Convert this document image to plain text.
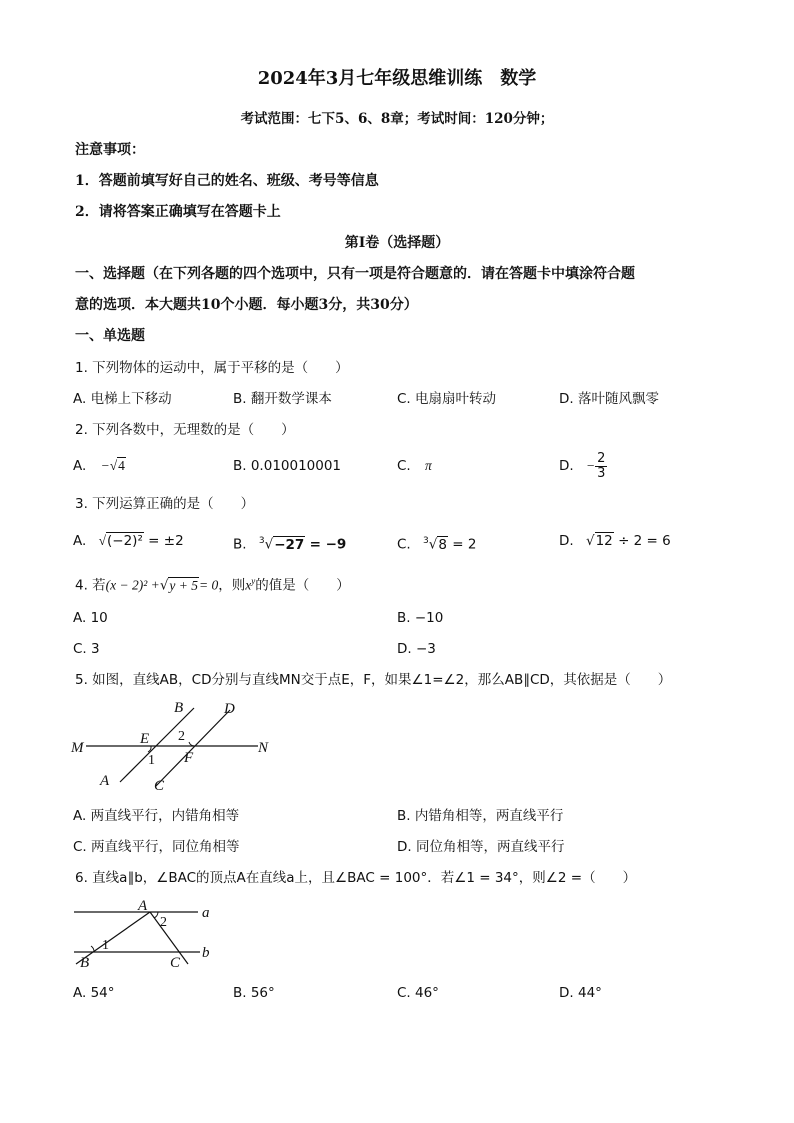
2024年3月七年级思维训练　数学
考试范围：七下5、6、8章；考试时间：120分钟；
注意事项：
1．答题前填写好自己的姓名、班级、考号等信息
2．请将答案正确填写在答题卡上
第Ⅰ卷（选择题）
一、选择题（在下列各题的四个选项中，只有一项是符合题意的．请在答题卡中填涂符合题
意的选项．本大题共10个小题．每小题3分，共30分）
一、单选题
1. 下列物体的运动中，属于平移的是（　　）
A. 电梯上下移动	B. 翻开数学课本	C. 电扇扇叶转动	D. 落叶随风飘零
2. 下列各数中，无理数的是（　　）
A. −√4	B. 0.010010001	C. π	D. − $\frac{2}{3}$
3. 下列运算正确的是（　　）
A. √(−2)² = ±2	B. $^3$√−27 = −9	C. $^3$√8 = 2	D. √12 ÷ 2 = 6
4. 若(x − 2)² +√y + 5= 0，则$x^y$的值是（　　）
A. 10	B. −10
C. 3	D. −3
5. 如图，直线AB，CD分别与直线MN交于点E，F，如果∠1=∠2，那么AB∥CD，其依据是（　　）
B	D
M
E 2
N
1 F
A	C
A. 两直线平行，内错角相等	B. 内错角相等，两直线平行
C. 两直线平行，同位角相等	D. 同位角相等，两直线平行
6. 直线a∥b，∠BAC的顶点A在直线a上，且∠BAC = 100°．若∠1 = 34°，则∠2 =（　　）
A	a
2
1
B	C
b
A. 54°	B. 56°	C. 46°	D. 44°
